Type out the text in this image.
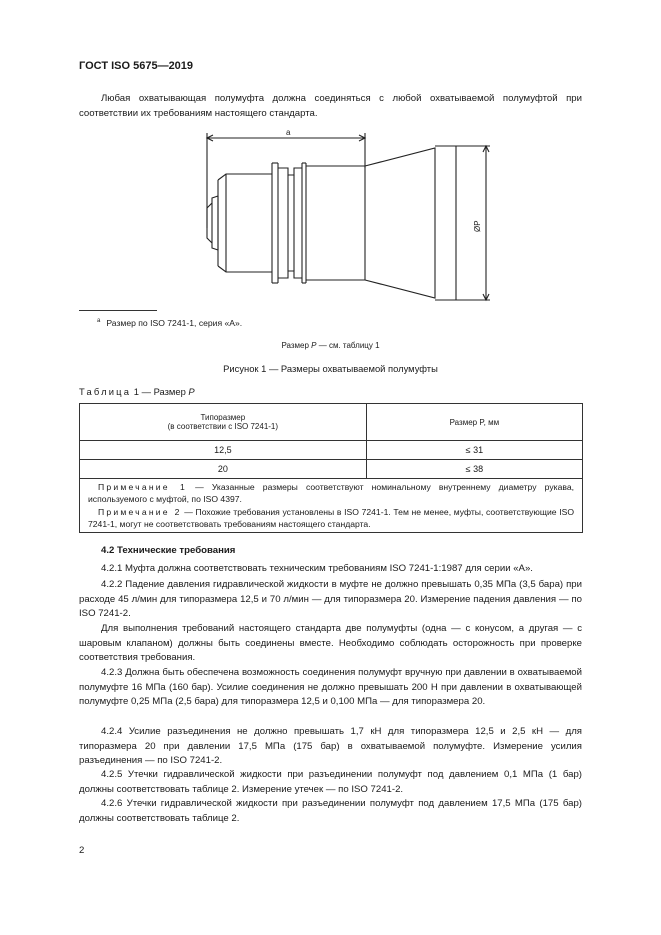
ГОСТ ISO 5675—2019
Любая охватывающая полумуфта должна соединяться с любой охватываемой полумуфтой при соответствии их требованиям настоящего стандарта.
a
ØP
$^a$ Размер по ISO 7241-1, серия «А».
Размер P — см. таблицу 1
Рисунок 1 — Размеры охватываемой полумуфты
Таблица 1 — Размер P
Типоразмер
(в соответствии с ISO 7241-1)	Размер P, мм
12,5	≤ 31
20	≤ 38
Примечание 1 — Указанные размеры соответствуют номинальному внутреннему диаметру рукава, используемого с муфтой, по ISO 4397.
Примечание 2 — Похожие требования установлены в ISO 7241-1. Тем не менее, муфты, соответствующие ISO 7241-1, могут не соответствовать требованиям настоящего стандарта.
4.2 Технические требования
4.2.1 Муфта должна соответствовать техническим требованиям ISO 7241-1:1987 для серии «А».
4.2.2 Падение давления гидравлической жидкости в муфте не должно превышать 0,35 МПа (3,5 бара) при расходе 45 л/мин для типоразмера 12,5 и 70 л/мин — для типоразмера 20. Измерение падения давления — по ISO 7241-2.
Для выполнения требований настоящего стандарта две полумуфты (одна — с конусом, а другая — с шаровым клапаном) должны быть соединены вместе. Необходимо соблюдать осторожность при проверке соответствия требования.
4.2.3 Должна быть обеспечена возможность соединения полумуфт вручную при давлении в охватываемой полумуфте 16 МПа (160 бар). Усилие соединения не должно превышать 200 Н при давлении в охватывающей полумуфте 0,25 МПа (2,5 бара) для типоразмера 12,5 и 0,100 МПа — для типоразмера 20.
4.2.4 Усилие разъединения не должно превышать 1,7 кН для типоразмера 12,5 и 2,5 кН — для типоразмера 20 при давлении 17,5 МПа (175 бар) в охватываемой полумуфте. Измерение усилия разъединения — по ISO 7241-2.
4.2.5 Утечки гидравлической жидкости при разъединении полумуфт под давлением 0,1 МПа (1 бар) должны соответствовать таблице 2. Измерение утечек — по ISO 7241-2.
4.2.6 Утечки гидравлической жидкости при разъединении полумуфт под давлением 17,5 МПа (175 бар) должны соответствовать таблице 2.
2
